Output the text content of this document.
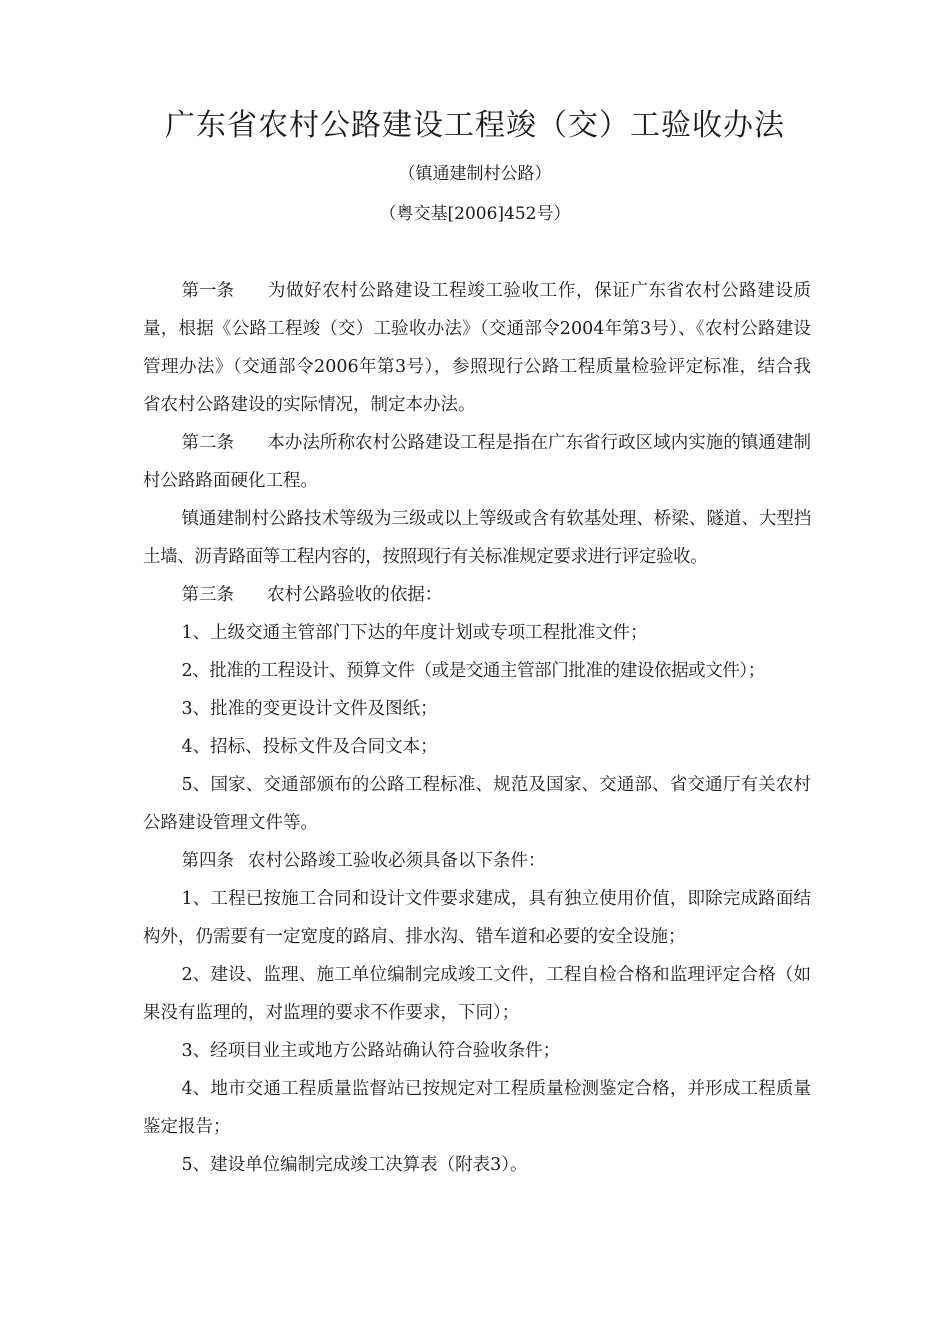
广东省农村公路建设工程竣（交）工验收办法
（镇通建制村公路）
（粤交基[2006]452号）

第一条 为做好农村公路建设工程竣工验收工作，保证广东省农村公路建设质量，根据《公路工程竣（交）工验收办法》（交通部令2004年第3号）、《农村公路建设管理办法》（交通部令2006年第3号），参照现行公路工程质量检验评定标准，结合我省农村公路建设的实际情况，制定本办法。

第二条 本办法所称农村公路建设工程是指在广东省行政区域内实施的镇通建制村公路路面硬化工程。

镇通建制村公路技术等级为三级或以上等级或含有软基处理、桥梁、隧道、大型挡土墙、沥青路面等工程内容的，按照现行有关标准规定要求进行评定验收。

第三条 农村公路验收的依据：

1、上级交通主管部门下达的年度计划或专项工程批准文件；

2、批准的工程设计、预算文件（或是交通主管部门批准的建设依据或文件）；

3、批准的变更设计文件及图纸；

4、招标、投标文件及合同文本；

5、国家、交通部颁布的公路工程标准、规范及国家、交通部、省交通厅有关农村公路建设管理文件等。

第四条 农村公路竣工验收必须具备以下条件：

1、工程已按施工合同和设计文件要求建成，具有独立使用价值，即除完成路面结构外，仍需要有一定宽度的路肩、排水沟、错车道和必要的安全设施；

2、建设、监理、施工单位编制完成竣工文件，工程自检合格和监理评定合格（如果没有监理的，对监理的要求不作要求，下同）；

3、经项目业主或地方公路站确认符合验收条件；

4、地市交通工程质量监督站已按规定对工程质量检测鉴定合格，并形成工程质量鉴定报告；

5、建设单位编制完成竣工决算表（附表3）。
